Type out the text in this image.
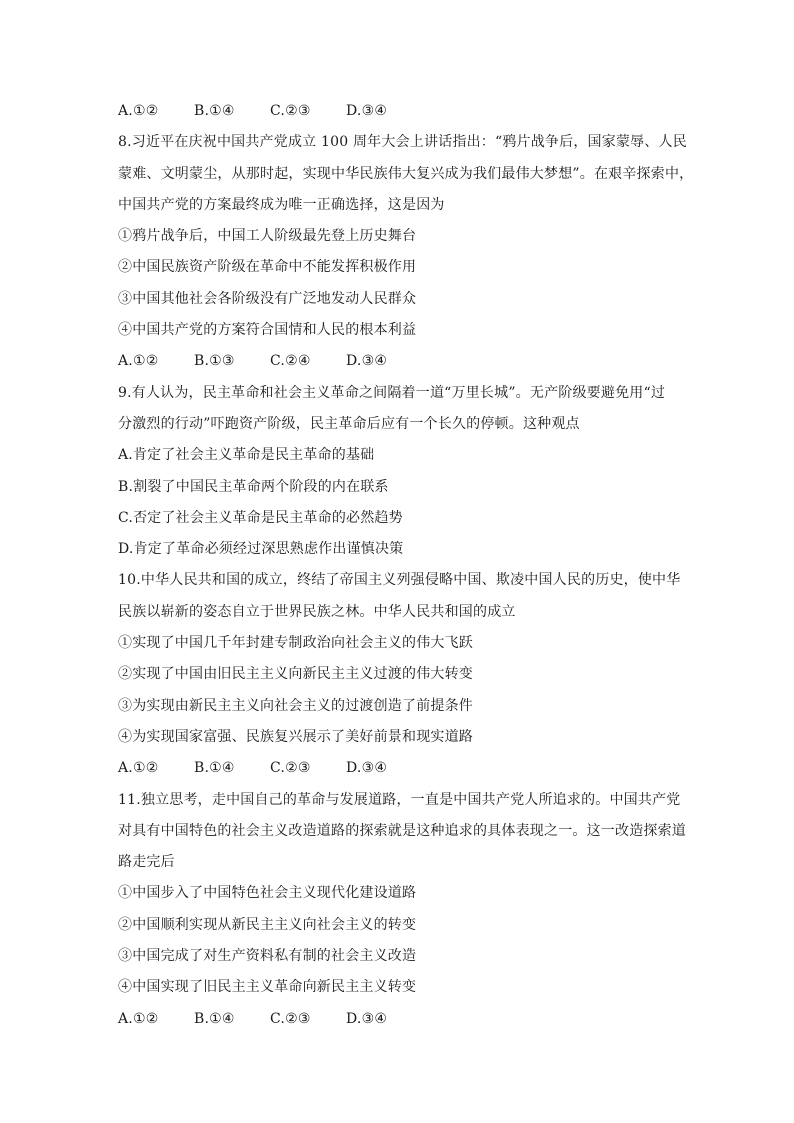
A.①②	B.①④	C.②③	D.③④
8.习近平在庆祝中国共产党成立 100 周年大会上讲话指出：“鸦片战争后，国家蒙辱、人民
蒙难、文明蒙尘，从那时起，实现中华民族伟大复兴成为我们最伟大梦想”。在艰辛探索中，
中国共产党的方案最终成为唯一正确选择，这是因为
①鸦片战争后，中国工人阶级最先登上历史舞台
②中国民族资产阶级在革命中不能发挥积极作用
③中国其他社会各阶级没有广泛地发动人民群众
④中国共产党的方案符合国情和人民的根本利益
A.①②	B.①③	C.②④	D.③④
9.有人认为，民主革命和社会主义革命之间隔着一道“万里长城”。无产阶级要避免用“过
分激烈的行动”吓跑资产阶级，民主革命后应有一个长久的停顿。这种观点
A.肯定了社会主义革命是民主革命的基础
B.割裂了中国民主革命两个阶段的内在联系
C.否定了社会主义革命是民主革命的必然趋势
D.肯定了革命必须经过深思熟虑作出谨慎决策
10.中华人民共和国的成立，终结了帝国主义列强侵略中国、欺凌中国人民的历史，使中华
民族以崭新的姿态自立于世界民族之林。中华人民共和国的成立
①实现了中国几千年封建专制政治向社会主义的伟大飞跃
②实现了中国由旧民主主义向新民主主义过渡的伟大转变
③为实现由新民主主义向社会主义的过渡创造了前提条件
④为实现国家富强、民族复兴展示了美好前景和现实道路
A.①②	B.①④	C.②③	D.③④
11.独立思考，走中国自己的革命与发展道路，一直是中国共产党人所追求的。中国共产党
对具有中国特色的社会主义改造道路的探索就是这种追求的具体表现之一。这一改造探索道
路走完后
①中国步入了中国特色社会主义现代化建设道路
②中国顺利实现从新民主主义向社会主义的转变
③中国完成了对生产资料私有制的社会主义改造
④中国实现了旧民主主义革命向新民主主义转变
A.①②	B.①④	C.②③	D.③④
